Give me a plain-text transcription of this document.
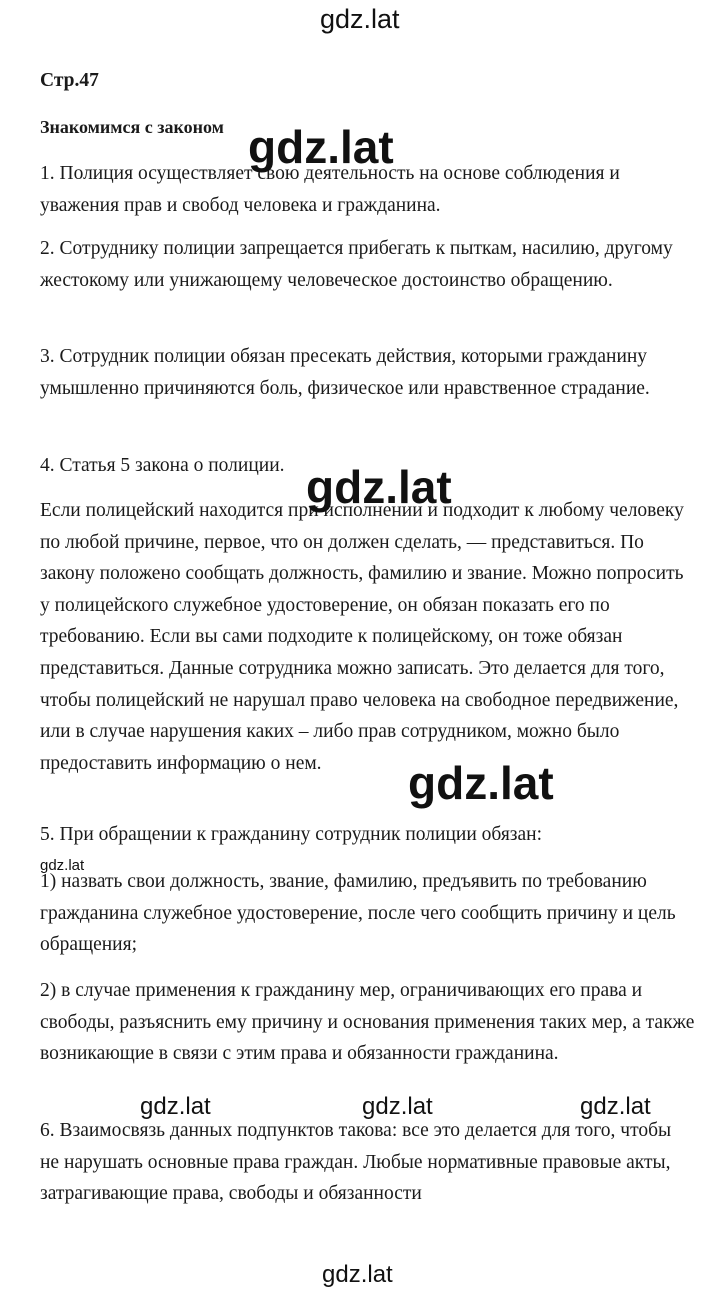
Стр.47
Знакомимся с законом

1. Полиция осуществляет свою деятельность на основе соблюдения и уважения прав и свобод человека и гражданина.

2. Сотруднику полиции запрещается прибегать к пыткам, насилию, другому жестокому или унижающему человеческое достоинство обращению.

3. Сотрудник полиции обязан пресекать действия, которыми гражданину умышленно причиняются боль, физическое или нравственное страдание.

4. Статья 5 закона о полиции.

Если полицейский находится при исполнении и подходит к любому человеку по любой причине, первое, что он должен сделать, — представиться. По закону положено сообщать должность, фамилию и звание. Можно попросить у полицейского служебное удостоверение, он обязан показать его по требованию. Если вы сами подходите к полицейскому, он тоже обязан представиться. Данные сотрудника можно записать. Это делается для того, чтобы полицейский не нарушал право человека на свободное передвижение, или в случае нарушения каких – либо прав сотрудником, можно было предоставить информацию о нем.

5. При обращении к гражданину сотрудник полиции обязан:

1) назвать свои должность, звание, фамилию, предъявить по требованию гражданина служебное удостоверение, после чего сообщить причину и цель обращения;

2) в случае применения к гражданину мер, ограничивающих его права и свободы, разъяснить ему причину и основания применения таких мер, а также возникающие в связи с этим права и обязанности гражданина.

6. Взаимосвязь данных подпунктов такова: все это делается для того, чтобы не нарушать основные права граждан. Любые нормативные правовые акты, затрагивающие права, свободы и обязанности

gdz.lat
gdz.lat
gdz.lat
gdz.lat
gdz.lat
gdz.lat	gdz.lat	gdz.lat
gdz.lat
